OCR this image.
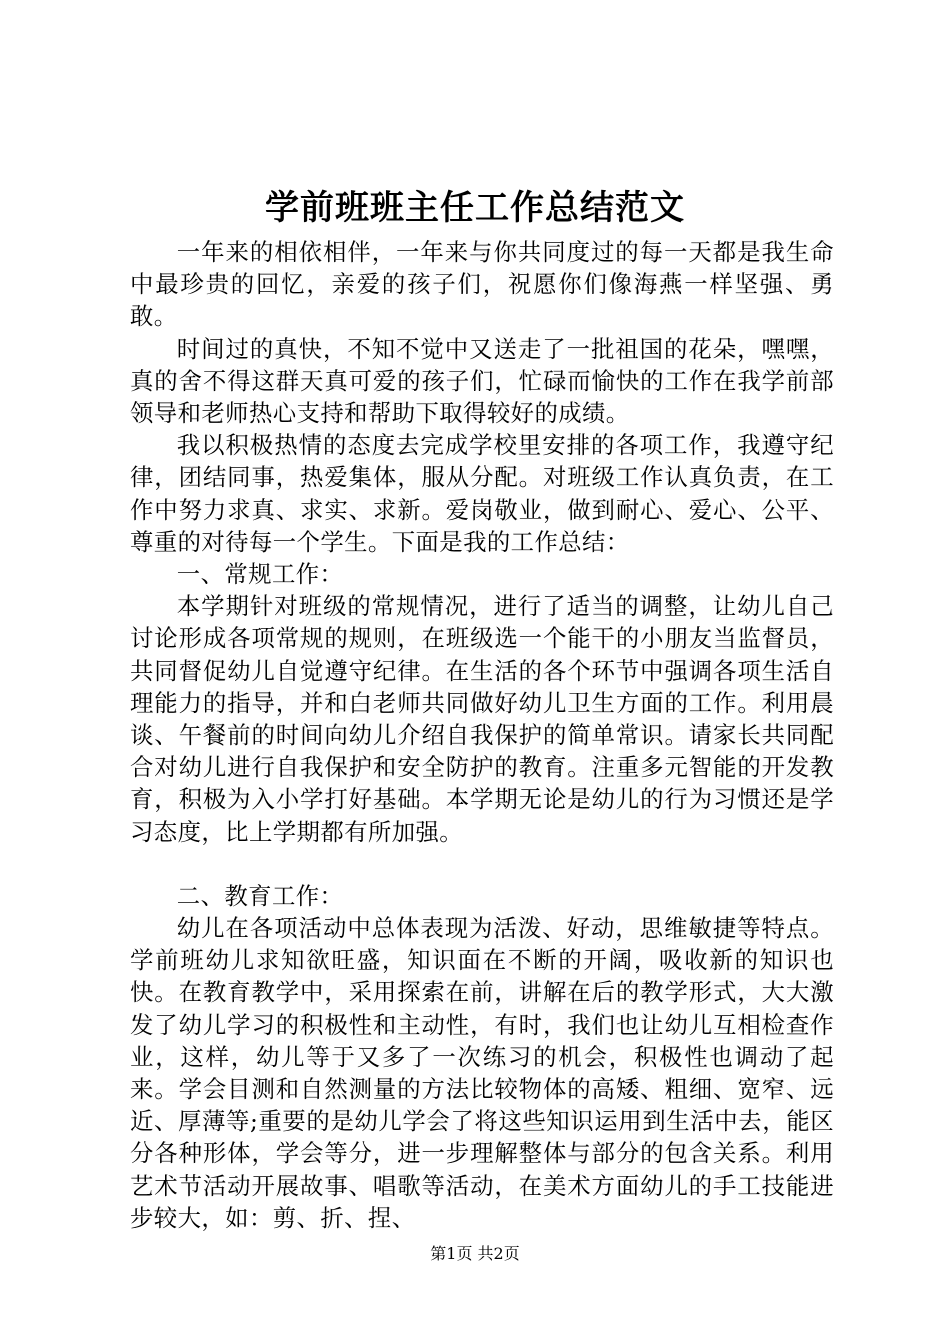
学前班班主任工作总结范文

一年来的相依相伴，一年来与你共同度过的每一天都是我生命中最珍贵的回忆，亲爱的孩子们，祝愿你们像海燕一样坚强、勇敢。

时间过的真快，不知不觉中又送走了一批祖国的花朵，嘿嘿，真的舍不得这群天真可爱的孩子们，忙碌而愉快的工作在我学前部领导和老师热心支持和帮助下取得较好的成绩。

我以积极热情的态度去完成学校里安排的各项工作，我遵守纪律，团结同事，热爱集体，服从分配。对班级工作认真负责，在工作中努力求真、求实、求新。爱岗敬业，做到耐心、爱心、公平、尊重的对待每一个学生。下面是我的工作总结：

一、常规工作：

本学期针对班级的常规情况，进行了适当的调整，让幼儿自己讨论形成各项常规的规则，在班级选一个能干的小朋友当监督员，共同督促幼儿自觉遵守纪律。在生活的各个环节中强调各项生活自理能力的指导，并和白老师共同做好幼儿卫生方面的工作。利用晨谈、午餐前的时间向幼儿介绍自我保护的简单常识。请家长共同配合对幼儿进行自我保护和安全防护的教育。注重多元智能的开发教育，积极为入小学打好基础。本学期无论是幼儿的行为习惯还是学习态度，比上学期都有所加强。

二、教育工作：

幼儿在各项活动中总体表现为活泼、好动，思维敏捷等特点。学前班幼儿求知欲旺盛，知识面在不断的开阔，吸收新的知识也快。在教育教学中，采用探索在前，讲解在后的教学形式，大大激发了幼儿学习的积极性和主动性，有时，我们也让幼儿互相检查作业，这样，幼儿等于又多了一次练习的机会，积极性也调动了起来。学会目测和自然测量的方法比较物体的高矮、粗细、宽窄、远近、厚薄等;重要的是幼儿学会了将这些知识运用到生活中去，能区分各种形体，学会等分，进一步理解整体与部分的包含关系。利用艺术节活动开展故事、唱歌等活动，在美术方面幼儿的手工技能进步较大，如：剪、折、捏、

第1页 共2页
